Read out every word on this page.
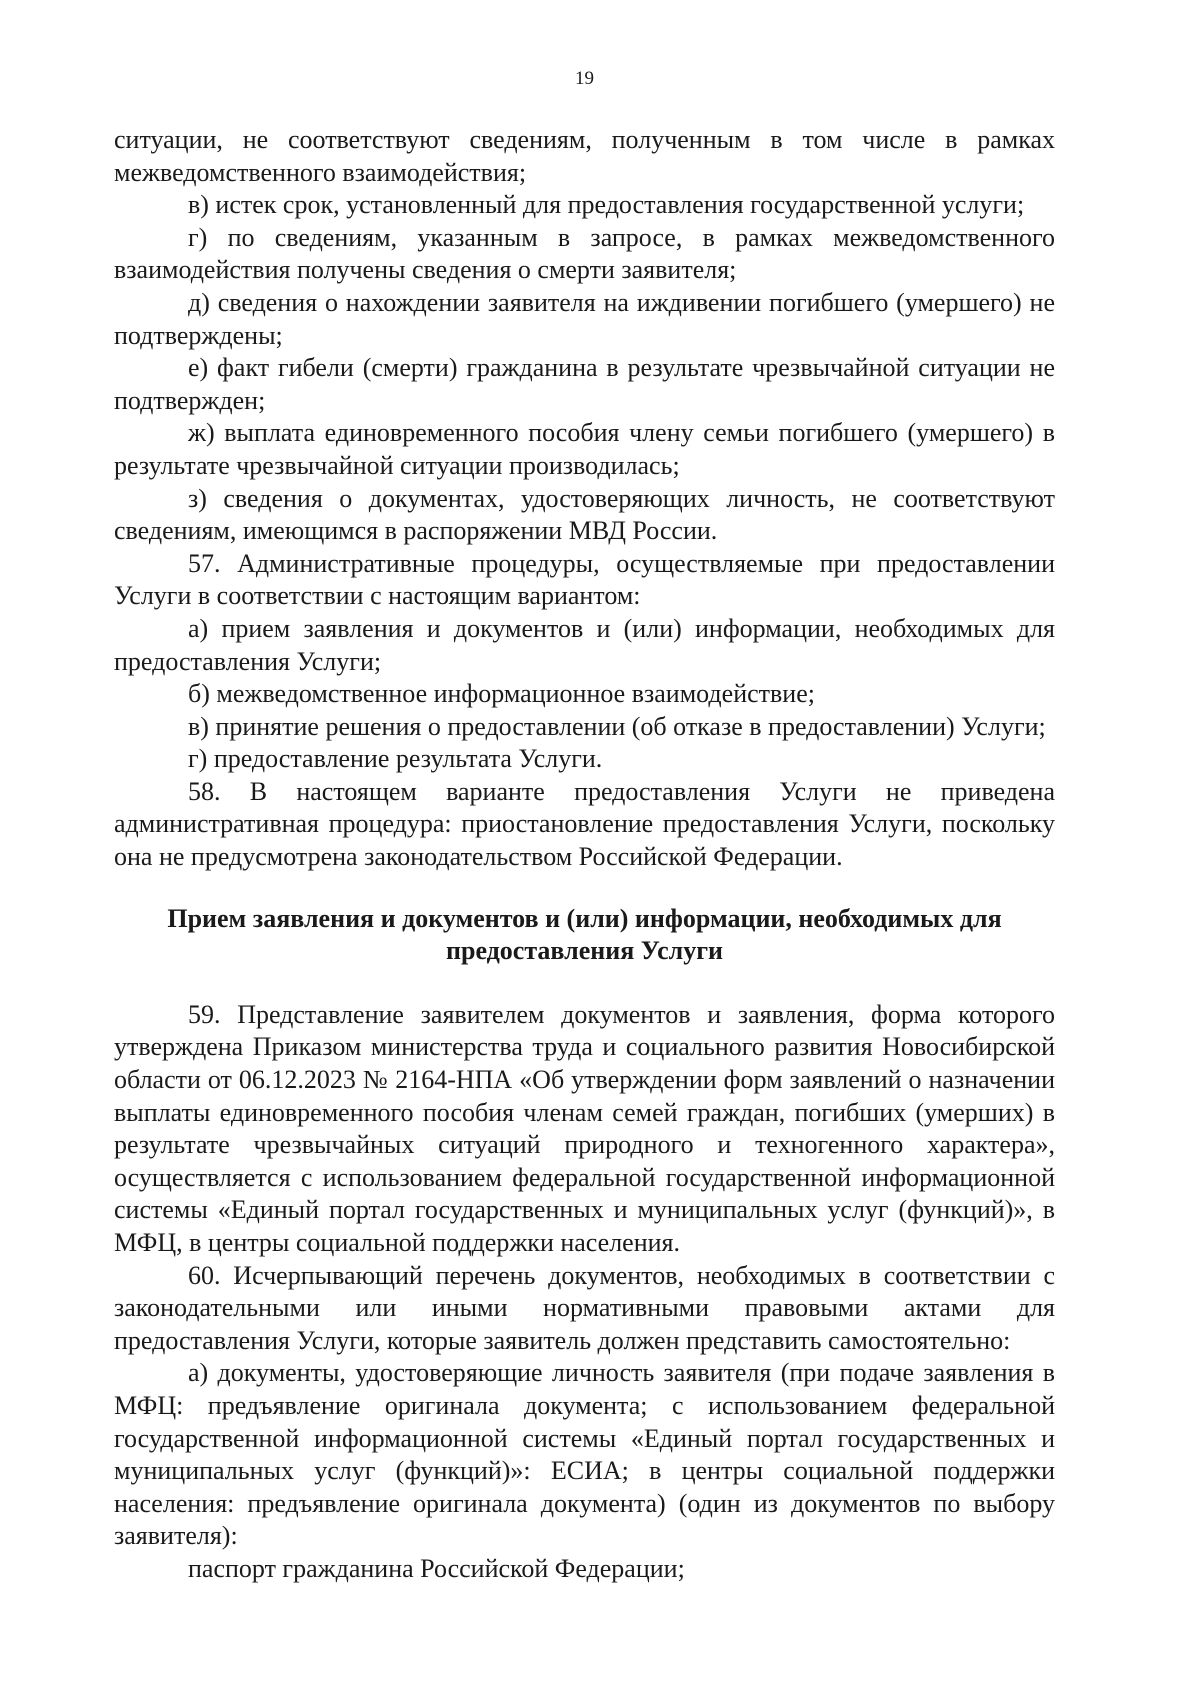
19

ситуации, не соответствуют сведениям, полученным в том числе в рамках межведомственного взаимодействия;

в) истек срок, установленный для предоставления государственной услуги;

г) по сведениям, указанным в запросе, в рамках межведомственного взаимодействия получены сведения о смерти заявителя;

д) сведения о нахождении заявителя на иждивении погибшего (умершего) не подтверждены;

е) факт гибели (смерти) гражданина в результате чрезвычайной ситуации не подтвержден;

ж) выплата единовременного пособия члену семьи погибшего (умершего) в результате чрезвычайной ситуации производилась;

з) сведения о документах, удостоверяющих личность, не соответствуют сведениям, имеющимся в распоряжении МВД России.

57. Административные процедуры, осуществляемые при предоставлении Услуги в соответствии с настоящим вариантом:

а) прием заявления и документов и (или) информации, необходимых для предоставления Услуги;

б) межведомственное информационное взаимодействие;

в) принятие решения о предоставлении (об отказе в предоставлении) Услуги;

г) предоставление результата Услуги.

58. В настоящем варианте предоставления Услуги не приведена административная процедура: приостановление предоставления Услуги, поскольку она не предусмотрена законодательством Российской Федерации.

Прием заявления и документов и (или) информации, необходимых для предоставления Услуги

59. Представление заявителем документов и заявления, форма которого утверждена Приказом министерства труда и социального развития Новосибирской области от 06.12.2023 № 2164-НПА «Об утверждении форм заявлений о назначении выплаты единовременного пособия членам семей граждан, погибших (умерших) в результате чрезвычайных ситуаций природного и техногенного характера», осуществляется с использованием федеральной государственной информационной системы «Единый портал государственных и муниципальных услуг (функций)», в МФЦ, в центры социальной поддержки населения.

60. Исчерпывающий перечень документов, необходимых в соответствии с законодательными или иными нормативными правовыми актами для предоставления Услуги, которые заявитель должен представить самостоятельно:

а) документы, удостоверяющие личность заявителя (при подаче заявления в МФЦ: предъявление оригинала документа; с использованием федеральной государственной информационной системы «Единый портал государственных и муниципальных услуг (функций)»: ЕСИА; в центры социальной поддержки населения: предъявление оригинала документа) (один из документов по выбору заявителя):

паспорт гражданина Российской Федерации;
